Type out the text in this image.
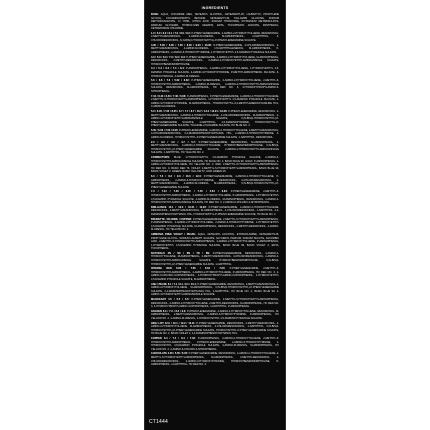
INGREDIENTS
BASE: AQUA, COCAMIDE MEA, CETEARYL ALCOHOL, CETEARETH-25, LAURETH-5, PROPYLENE GLYCOL, COCAMIDOPROPYL BETAINE, CETEARETH-30, TALLAMPR GLUCOSE, SODIUM DEHYDROACETATE, CI 77891, CITRIC ACID, SODIUM HYDROXIDE, POTASSIUM METABISULFITE, PARFUM, GLYCERIN, HYDROLYZED KERATIN, EDTA, TOCOPHERYL ACETATE, PANTHENOL, CETRIMONIUM CHLORIDE.
1.0 / 5.0 / 6.0 / 6.1 / 7.0 / 8.0 / 9.0: P-PHENYLENEDIAMINE, 4-AMINO-2-HYDROXYTOLUENE, RESORCINOL, 2-METHYLRESORCINOL, 4-AMINO-M-CRESOL, M-AMINOPHENOL, 1-NAPHTHOL, 4-CHLORORESORCINOL, N,N-BIS(2-HYDROXYETHYL)-P-PHENYLENEDIAMINE SULFATE.
4.00 / 5.00 / 6.00 / 7.00 / 8.00 / 9.00 / 10.00: P-PHENYLENEDIAMINE, 4-CHLORORESORCINOL, 2-METHYLRESORCINOL, 4-AMINO-M-CRESOL, 1,5-NAPHTHALENEDIOL, M-AMINOPHENOL, P-AMINOPHENOL, 2-AMINO-3-HYDROXYPYRIDINE, 1-HYDROXYETHYL 4,5-DIAMINO PYRAZOLE SULFATE.
4.3 / 5.3 / 6.3 / 7.3 / 8.3 / 9.3: P-PHENYLENEDIAMINE, 4-AMINO-2-HYDROXYTOLUENE, M-AMINOPHENOL, RESORCINOL, 2-METHYLRESORCINOL, 2-AMINO-4-HYDROXYETHYLAMINOANISOLE SULFATE, HYDROXYBENZOMORPHOLINE.
4.4 / 5.4 / 6.4 / 7.4 / 8.4: P-AMINOPHENOL, 4-AMINO-2-HYDROXYTOLUENE, 1-HYDROXYETHYL 4,5-DIAMINO PYRAZOLE SULFATE, 2-AMINO-3-HYDROXYPYRIDINE, P-METHYLAMINOPHENOL SULFATE, 6-HYDROXYINDOLE, 4-AMINO-M-CRESOL.
5.6 / 6.6 / 7.6 / 5.62 / 6.62: P-PHENYLENEDIAMINE, 4-AMINO-2-HYDROXYTOLUENE, 2-METHYL-5-HYDROXYETHYLAMINOPHENOL, 4-AMINO-M-CRESOL, 2-AMINO-4-HYDROXYETHYLAMINOANISOLE SULFATE, RESORCINOL, M-AMINOPHENOL, HC RED NO. 3, 4-HYDROXYPROPYLAMINO-3-NITROPHENOL.
7.44 / 8.44 / 6.46 / 7.46 / 6.66: P-AMINOPHENOL, P-PHENYLENEDIAMINE, 4-AMINO-2-HYDROXYTOLUENE, 2-METHYL-5-HYDROXYETHYLAMINOPHENOL, 1-HYDROXYETHYL 4,5-DIAMINO PYRAZOLE SULFATE, 2-AMINO-3-HYDROXYPYRIDINE, M-AMINOPHENOL, HYDROXYETHYL-3,4-METHYLENEDIOXYANILINE HCL, 4-AMINO-M-CRESOL.
5.0 / 6.05 / 7.05 / 8.05 / 6.7 / 7.7 / 8.7 / 10.7 / 12.2 / 12.21 / 12.26: P-PHENYLENEDIAMINE, RESORCINOL, 2-METHYLRESORCINOL, 4-AMINO-2-HYDROXYTOLUENE, 4-CHLORORESORCINOL, M-AMINOPHENOL, 2-AMINO-4-HYDROXYETHYLAMINOANISOLE SULFATE, N,N-BIS(2-HYDROXYETHYL)-P-PHENYLENEDIAMINE SULFATE, 1-NAPHTHOL, 2,6-DIAMINOPYRIDINE, HYDROXYETHYL-P-PHENYLENEDIAMINE SULFATE, TOLUENE-2,5-DIAMINE SULFATE, HC BLUE NO. 2.
5.00 / 6.00 / 7.00 / 8.00: P-PHENYLENEDIAMINE, 4-AMINO-2-HYDROXYTOLUENE, 2-METHYLRESORCINOL, 4-CHLORORESORCINOL, 2,4-DIAMINOPHENOXYETHANOL HCL, 2-AMINO-3-HYDROXYPYRIDINE, 4-AMINO-M-CRESOL, HYDROXYETHYL-P-PHENYLENEDIAMINE SULFATE, 1-NAPHTHOL, RESORCINOL.
2.0 / 3.0 / 4.0 / 4.7 / 5.7: P-PHENYLENEDIAMINE, RESORCINOL, M-AMINOPHENOL, 2-METHYLRESORCINOL, 4-AMINO-2-HYDROXYTOLUENE, HYDROXYBENZOMORPHOLINE, N,N-BIS(2-HYDROXYETHYL)-P-PHENYLENEDIAMINE SULFATE, 2-AMINO-4-HYDROXYETHYLAMINOANISOLE SULFATE, 1-NAPHTHOL, HC YELLOW NO. 2.
CORRECTORS: BLUE: 1-HYDROXYETHYL 4,5-DIAMINO PYRAZOLE SULFATE, 2-AMINO-4-HYDROXYETHYLAMINOANISOLE SULFATE, HC BLUE NO. 2, BASIC BLUE 99. GOLD: P-AMINOPHENOL, 4-AMINO-2-HYDROXYTOLUENE, HC YELLOW NO. 2. RED: 2-METHYL-5-HYDROXYETHYLAMINOPHENOL, HC RED NO. 3, BASIC RED 76. VIOLET: 2-METHYL-5-HYDROXYETHYLAMINOPHENOL, BASIC BLUE 99, BASIC VIOLET 2. GREEN: BASIC YELLOW 57, ACID GREEN 25.
6.3 / 7.3 / 8.3 / 9.3 / 10.3 / 12.3: P-PHENYLENEDIAMINE, 4-AMINO-2-HYDROXYTOLUENE, P-AMINOPHENOL, 2-AMINO-3-HYDROXYPYRIDINE, RESORCINOL, 4-CHLORORESORCINOL, 2-METHYLRESORCINOL, 4-AMINO-M-CRESOL, M-AMINOPHENOL, N,N-BIS(2-HYDROXYETHYL)-P-PHENYLENEDIAMINE SULFATE.
7.4 / 7.44 / 7.46 / 6.45 / 7.45 / 5.64 / 6.64: P-PHENYLENEDIAMINE, 2-METHYL-5-HYDROXYETHYLAMINOPHENOL, 4-AMINO-2-HYDROXYTOLUENE, P-AMINOPHENOL, 1-HYDROXYETHYL 4,5-DIAMINO PYRAZOLE SULFATE, 4-AMINO-M-CRESOL, M-AMINOPHENOL, RESORCINOL, 2-AMINO-4-HYDROXYETHYLAMINOANISOLE SULFATE, HC RED NO. 3, 2-AMINO-6-CHLORO-4-NITROPHENOL.
BRILLIANCE 10.1 / 10.2 / 10.21 / 10.23: P-PHENYLENEDIAMINE, 4-AMINO-2-HYDROXYTOLUENE, RESORCINOL, 2-METHYLRESORCINOL, M-AMINOPHENOL, 4-CHLORORESORCINOL, 1-NAPHTHOL, 2,4-DIAMINOPHENOXYETHANOL HCL, HYDROXYETHYL-P-PHENYLENEDIAMINE SULFATE, HC BLUE NO. 2.
BRUNETTE / BLONDE / COPPER: P-PHENYLENEDIAMINE, 2-METHYL-5-HYDROXYETHYLAMINOPHENOL, P-AMINOPHENOL, 4-AMINO-2-HYDROXYTOLUENE, 2-AMINO-3-HYDROXYPYRIDINE, 1-HYDROXYETHYL 4,5-DIAMINO PYRAZOLE SULFATE, M-AMINOPHENOL, RESORCINOL, 2-METHYLRESORCINOL, 4-AMINO-M-CRESOL, HC YELLOW NO. 2.
AMMONIA FREE VIOLET / PEARL: AQUA, CETEARYL ALCOHOL, ETHANOLAMINE, CETEARETH-25, PROPYLENE GLYCOL, SODIUM LAURETH SULFATE, GLYCERIN, PARFUM, SODIUM SULFITE, ASCORBIC ACID, 2-METHYL-5-HYDROXYETHYLAMINOPHENOL, 4-AMINO-2-HYDROXYTOLUENE, P-AMINOPHENOL, 1-HYDROXYETHYL 4,5-DIAMINO PYRAZOLE SULFATE, BASIC BLUE 99, BASIC VIOLET 2, EDTA, TOCOPHEROL.
NATURALS 4N / 5N / 6N / 7N / 8N: P-PHENYLENEDIAMINE, RESORCINOL, 4-AMINO-2-HYDROXYTOLUENE, M-AMINOPHENOL, 2-METHYLRESORCINOL, 4-CHLORORESORCINOL, 2-AMINO-4-HYDROXYETHYLAMINOANISOLE SULFATE, HYDROXYBENZOMORPHOLINE, N,N-BIS(2-HYDROXYETHYL)-P-PHENYLENEDIAMINE SULFATE, 1-NAPHTHOL.
INTENSE RED 6.66 / 7.66 / 6.64 / 7.64: P-PHENYLENEDIAMINE, 2-METHYL-5-HYDROXYETHYLAMINOPHENOL, 4-AMINO-2-HYDROXYTOLUENE, P-AMINOPHENOL, HC RED NO. 3, 2-AMINO-6-CHLORO-4-NITROPHENOL, 4-HYDROXYPROPYLAMINO-3-NITROPHENOL, 1-HYDROXYETHYL 4,5-DIAMINO PYRAZOLE SULFATE, M-AMINOPHENOL.
ASH / PEARL 6.1 / 7.1 / 8.1 / 9.1 / 10.1: P-PHENYLENEDIAMINE, RESORCINOL, 2-METHYLRESORCINOL, 4-AMINO-2-HYDROXYTOLUENE, M-AMINOPHENOL, N,N-BIS(2-HYDROXYETHYL)-P-PHENYLENEDIAMINE SULFATE, 2,4-DIAMINOPHENOXYETHANOL HCL, 1-NAPHTHOL, HC BLUE NO. 2, BASIC BLUE 99, 2-AMINO-4-HYDROXYETHYLAMINOANISOLE SULFATE.
MAHOGANY 4.5 / 5.5 / 6.5: P-PHENYLENEDIAMINE, 2-METHYL-5-HYDROXYETHYLAMINOPHENOL, RESORCINOL, 4-AMINO-2-HYDROXYTOLUENE, 2-METHYLRESORCINOL, M-AMINOPHENOL, HC RED NO. 3, 4-HYDROXYPROPYLAMINO-3-NITROPHENOL, 1-NAPHTHOL, P-AMINOPHENOL.
GOLDEN 6.3 / 7.3 / 8.3 / 9.3: P-PHENYLENEDIAMINE, 4-AMINO-2-HYDROXYTOLUENE, RESORCINOL, M-AMINOPHENOL, 2-METHYLRESORCINOL, 2-AMINO-3-HYDROXYPYRIDINE, P-AMINOPHENOL, HC YELLOW NO. 2, 4-AMINO-M-CRESOL, 1-HYDROXYETHYL 4,5-DIAMINO PYRAZOLE SULFATE.
HIGH LIFT 12.0 / 12.1 / 12.2 / 12.11: P-PHENYLENEDIAMINE, RESORCINOL, 2-METHYLRESORCINOL, 4-AMINO-2-HYDROXYTOLUENE, M-AMINOPHENOL, 4-CHLORORESORCINOL, 1-NAPHTHOL, N,N-BIS(2-HYDROXYETHYL)-P-PHENYLENEDIAMINE SULFATE, HYDROXYETHYL-P-PHENYLENEDIAMINE SULFATE, HC BLUE NO. 2, BASIC VIOLET 2, 2,4-DIAMINOPHENOXYETHANOL HCL.
COPPER 6.4 / 7.4 / 8.4 / 7.43: P-AMINOPHENOL, 4-AMINO-2-HYDROXYTOLUENE, 2-METHYL-5-HYDROXYETHYLAMINOPHENOL, P-PHENYLENEDIAMINE, 2-AMINO-3-HYDROXYPYRIDINE, 1-HYDROXYETHYL 4,5-DIAMINO PYRAZOLE SULFATE, 4-AMINO-M-CRESOL, M-AMINOPHENOL, HC YELLOW NO. 2, 2-AMINO-6-CHLORO-4-NITROPHENOL.
CHOCOLATE 4.35 / 5.35 / 6.35: P-PHENYLENEDIAMINE, RESORCINOL, 4-AMINO-2-HYDROXYTOLUENE, 2-METHYL-5-HYDROXYETHYLAMINOPHENOL, M-AMINOPHENOL, 2-METHYLRESORCINOL, 4-CHLORORESORCINOL, 2-AMINO-3-HYDROXYPYRIDINE, HYDROXYBENZOMORPHOLINE, P-AMINOPHENOL, 1-NAPHTHOL, HC RED NO. 3.
CT1444
